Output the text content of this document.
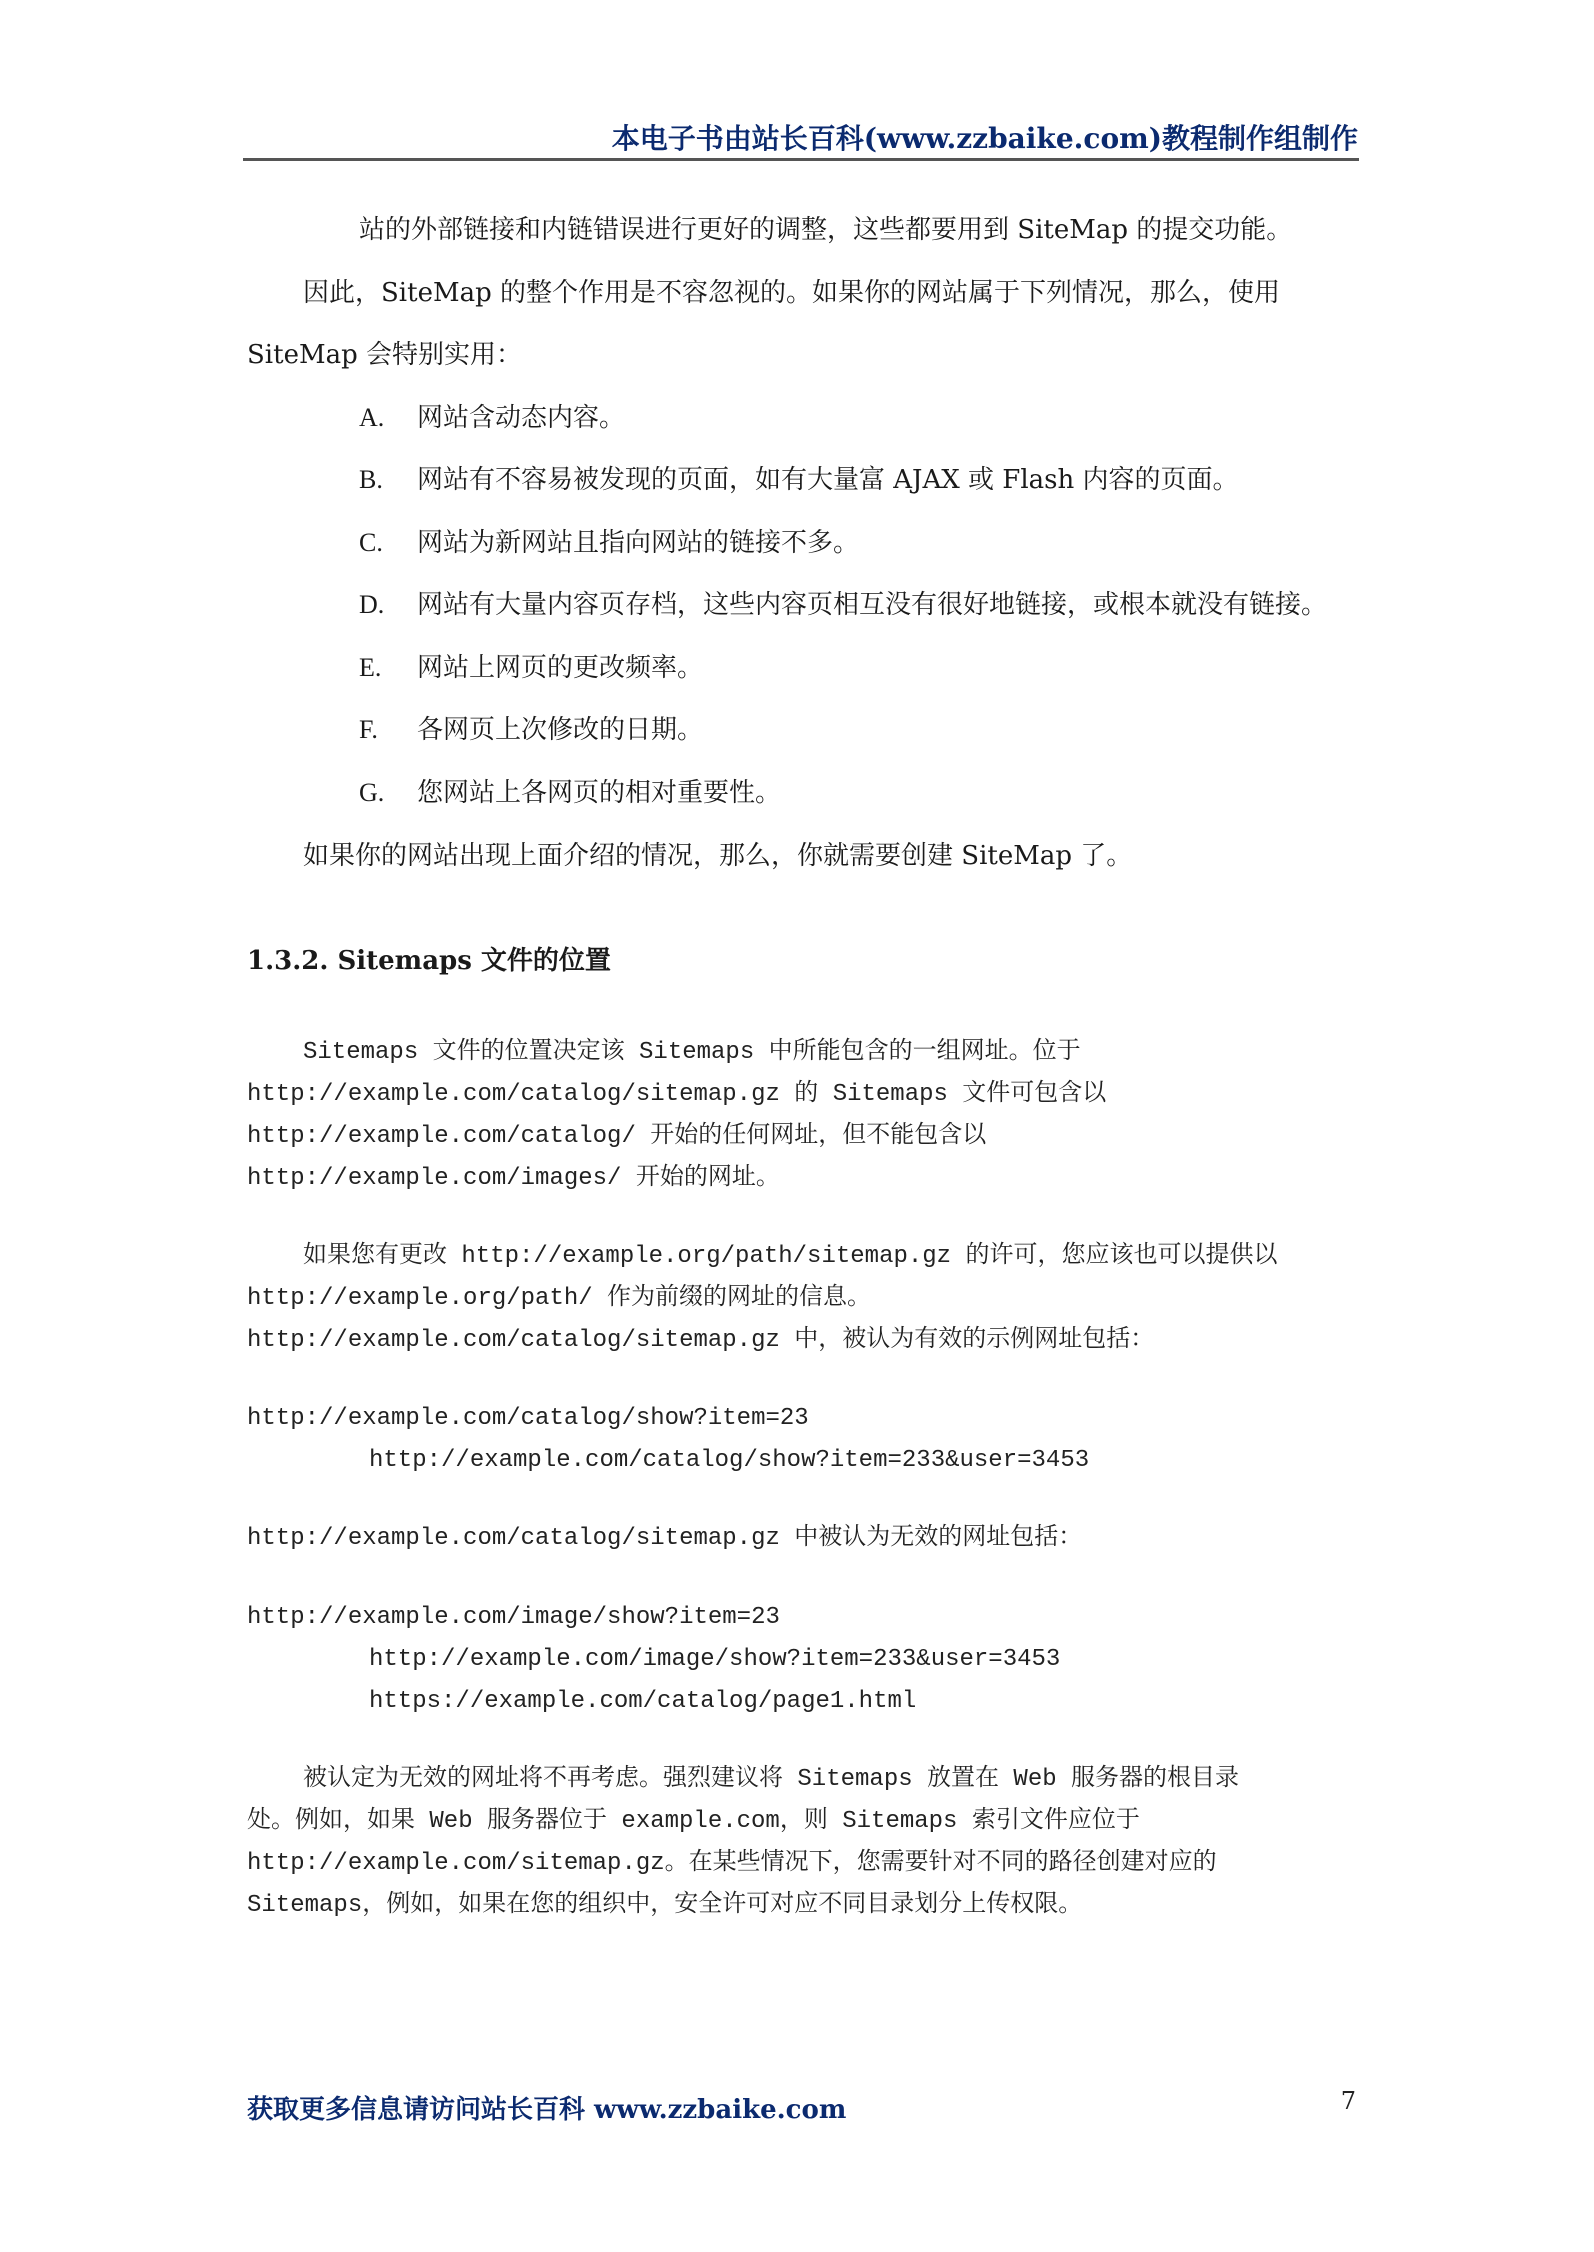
本电子书由站长百科(www.zzbaike.com)教程制作组制作
站的外部链接和内链错误进行更好的调整，这些都要用到 SiteMap 的提交功能。
因此，SiteMap 的整个作用是不容忽视的。如果你的网站属于下列情况，那么，使用
SiteMap 会特别实用：
A. 网站含动态内容。
B. 网站有不容易被发现的页面，如有大量富 AJAX 或 Flash 内容的页面。
C. 网站为新网站且指向网站的链接不多。
D. 网站有大量内容页存档，这些内容页相互没有很好地链接，或根本就没有链接。
E. 网站上网页的更改频率。
F. 各网页上次修改的日期。
G. 您网站上各网页的相对重要性。
如果你的网站出现上面介绍的情况，那么，你就需要创建 SiteMap 了。
1.3.2. Sitemaps 文件的位置
Sitemaps 文件的位置决定该 Sitemaps 中所能包含的一组网址。位于
http://example.com/catalog/sitemap.gz 的 Sitemaps 文件可包含以
http://example.com/catalog/ 开始的任何网址，但不能包含以
http://example.com/images/ 开始的网址。
如果您有更改 http://example.org/path/sitemap.gz 的许可，您应该也可以提供以
http://example.org/path/ 作为前缀的网址的信息。
http://example.com/catalog/sitemap.gz 中，被认为有效的示例网址包括：
http://example.com/catalog/show?item=23
http://example.com/catalog/show?item=233&user=3453
http://example.com/catalog/sitemap.gz 中被认为无效的网址包括：
http://example.com/image/show?item=23
http://example.com/image/show?item=233&user=3453
https://example.com/catalog/page1.html
被认定为无效的网址将不再考虑。强烈建议将 Sitemaps 放置在 Web 服务器的根目录
处。例如，如果 Web 服务器位于 example.com，则 Sitemaps 索引文件应位于
http://example.com/sitemap.gz。在某些情况下，您需要针对不同的路径创建对应的
Sitemaps，例如，如果在您的组织中，安全许可对应不同目录划分上传权限。
获取更多信息请访问站长百科 www.zzbaike.com	7
